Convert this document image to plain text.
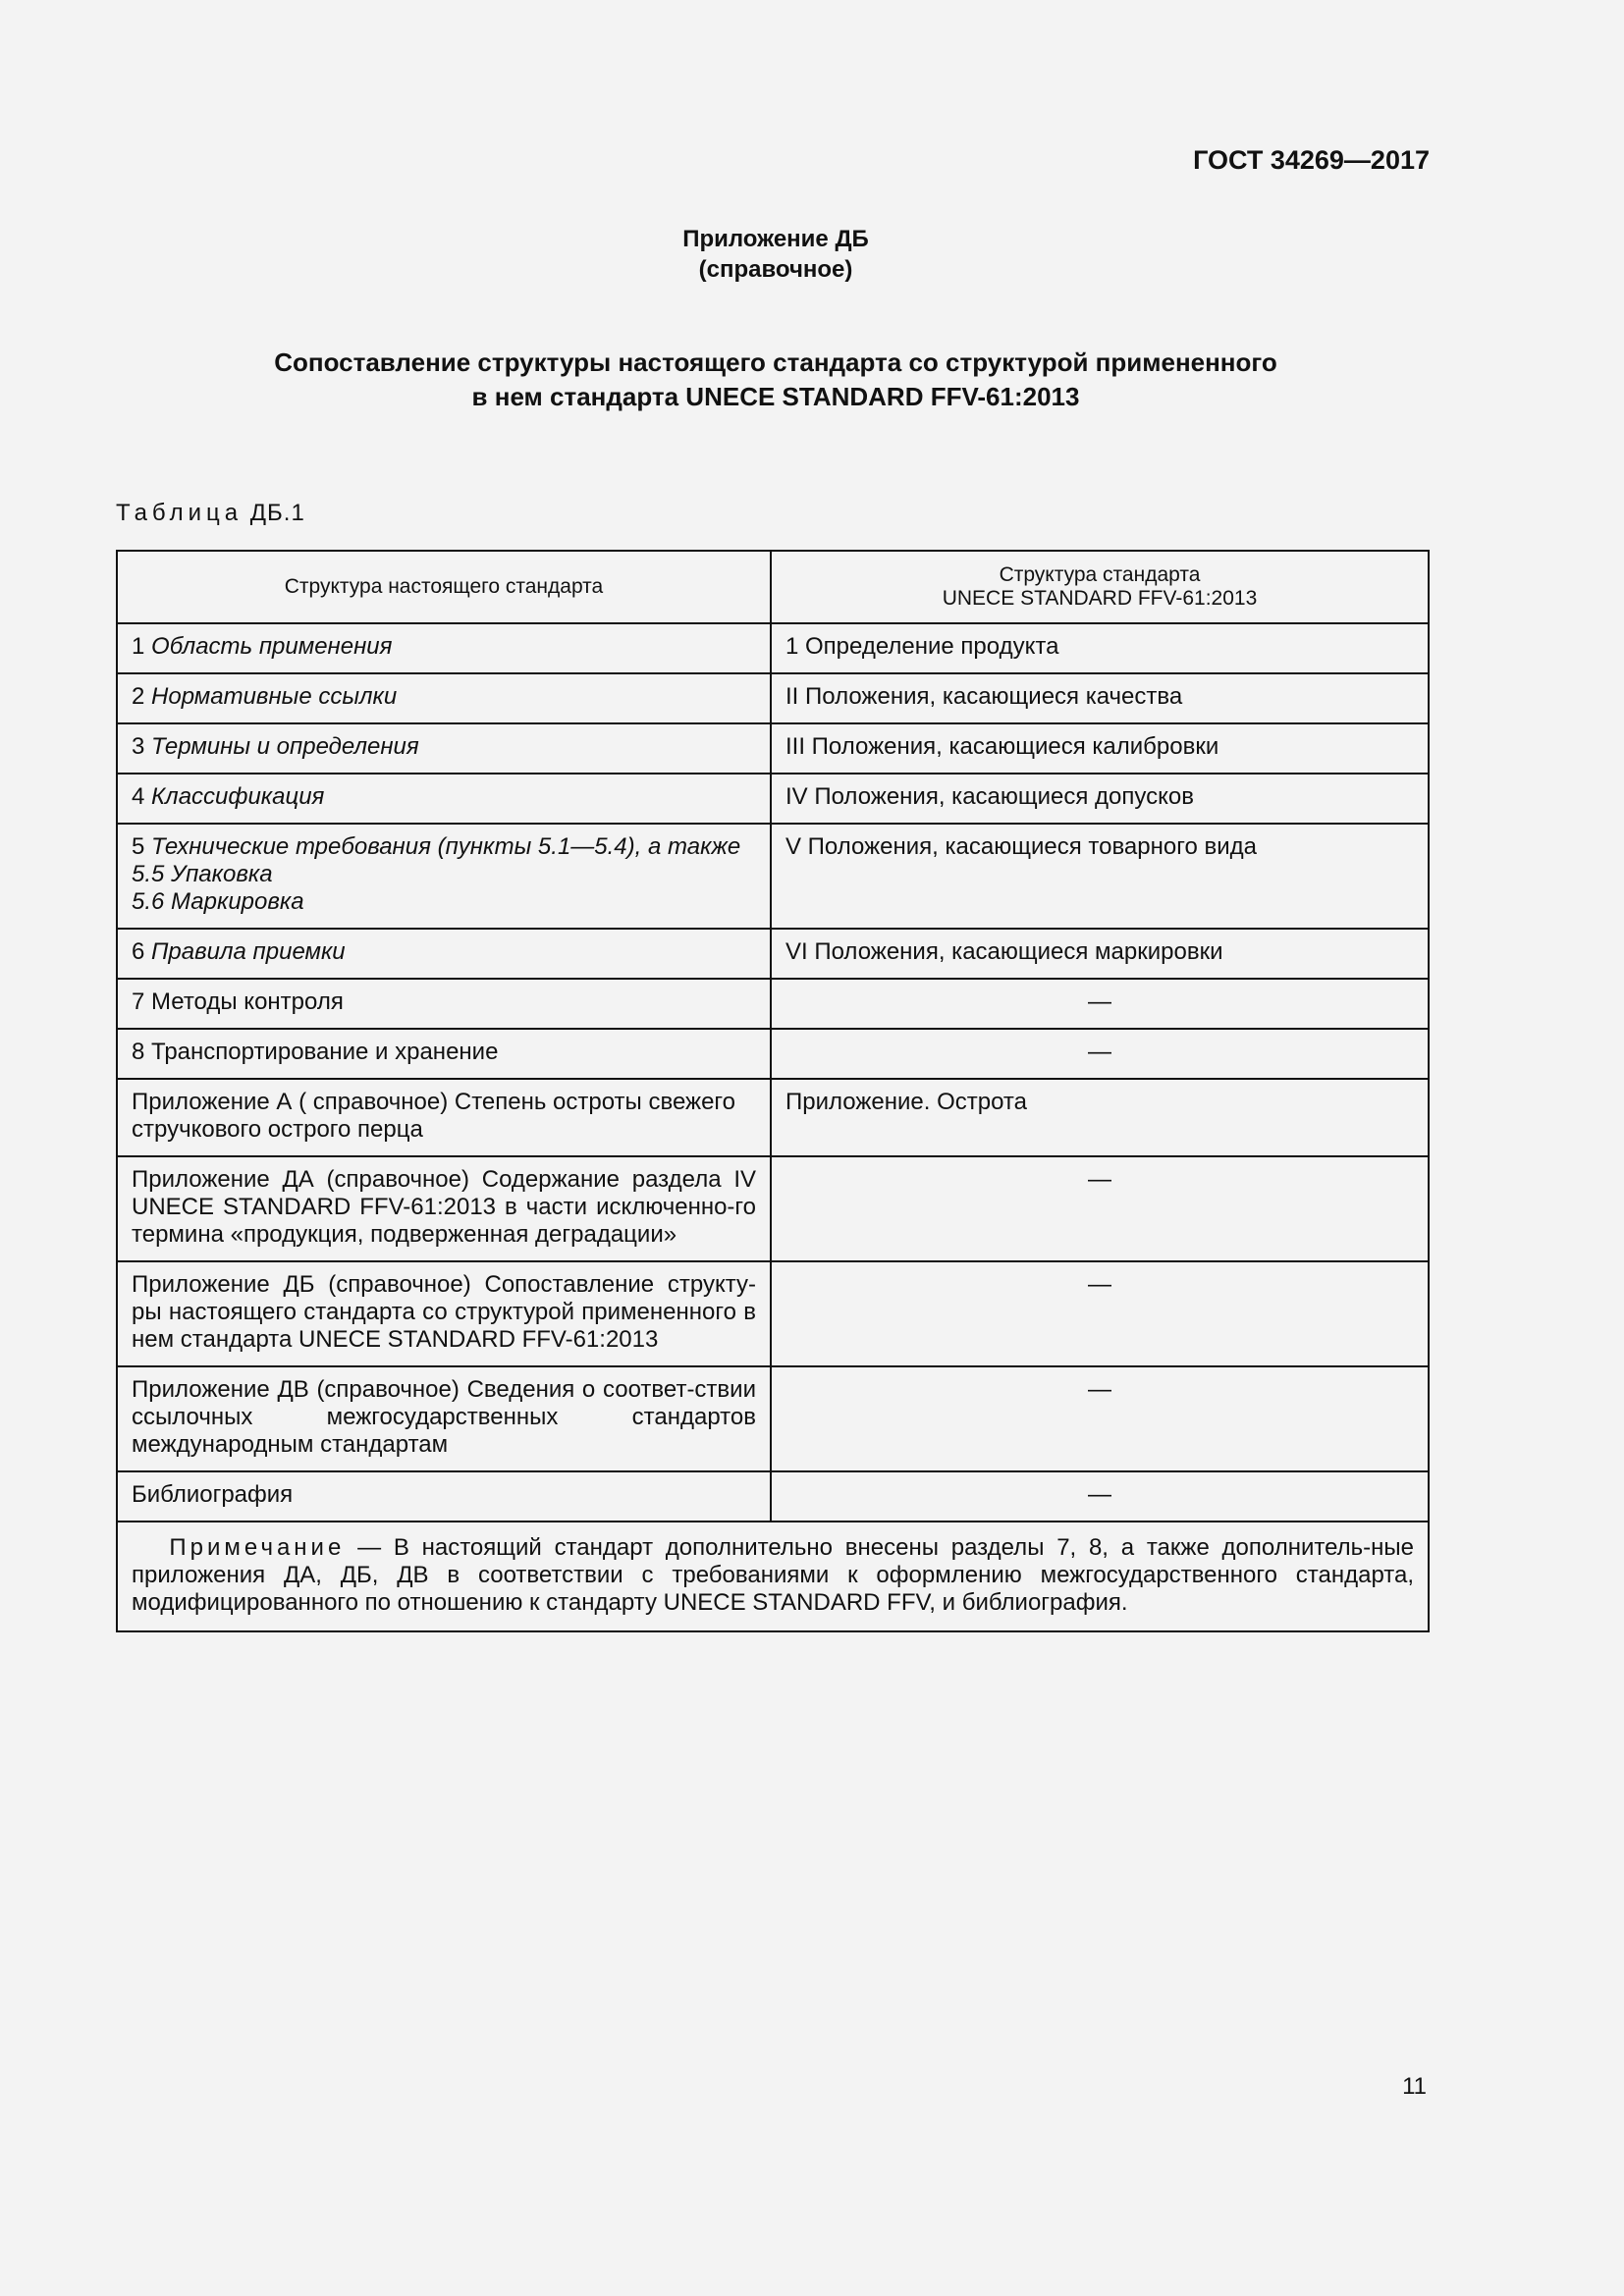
ГОСТ 34269—2017
Приложение ДБ
(справочное)
Сопоставление структуры настоящего стандарта со структурой примененного
в нем стандарта UNECE STANDARD FFV-61:2013
Таблица ДБ.1
Структура настоящего стандарта	Структура стандарта
UNECE STANDARD FFV-61:2013

1 Область применения	1 Определение продукта
2 Нормативные ссылки	II Положения, касающиеся качества
3 Термины и определения	III Положения, касающиеся калибровки
4 Классификация	IV Положения, касающиеся допусков

5 Технические требования (пункты 5.1—5.4), а также
5.5 Упаковка
5.6 Маркировка	V Положения, касающиеся товарного вида
6 Правила приемки	VI Положения, касающиеся маркировки
7 Методы контроля	—
8 Транспортирование и хранение	—
Приложение А ( справочное) Степень остроты свежего стручкового острого перца	Приложение. Острота
Приложение ДА (справочное) Содержание раздела IV UNECE STANDARD FFV-61:2013 в части исключенно-го термина «продукция, подверженная деградации»	—
Приложение ДБ (справочное) Сопоставление структу-ры настоящего стандарта со структурой примененного в нем стандарта UNECE STANDARD FFV-61:2013	—
Приложение ДВ (справочное) Сведения о соответ-ствии ссылочных межгосударственных стандартов международным стандартам	—
Библиография	—
Примечание — В настоящий стандарт дополнительно внесены разделы 7, 8, а также дополнитель-ные приложения ДА, ДБ, ДВ в соответствии с требованиями к оформлению межгосударственного стандарта, модифицированного по отношению к стандарту UNECE STANDARD FFV, и библиография.	
11
